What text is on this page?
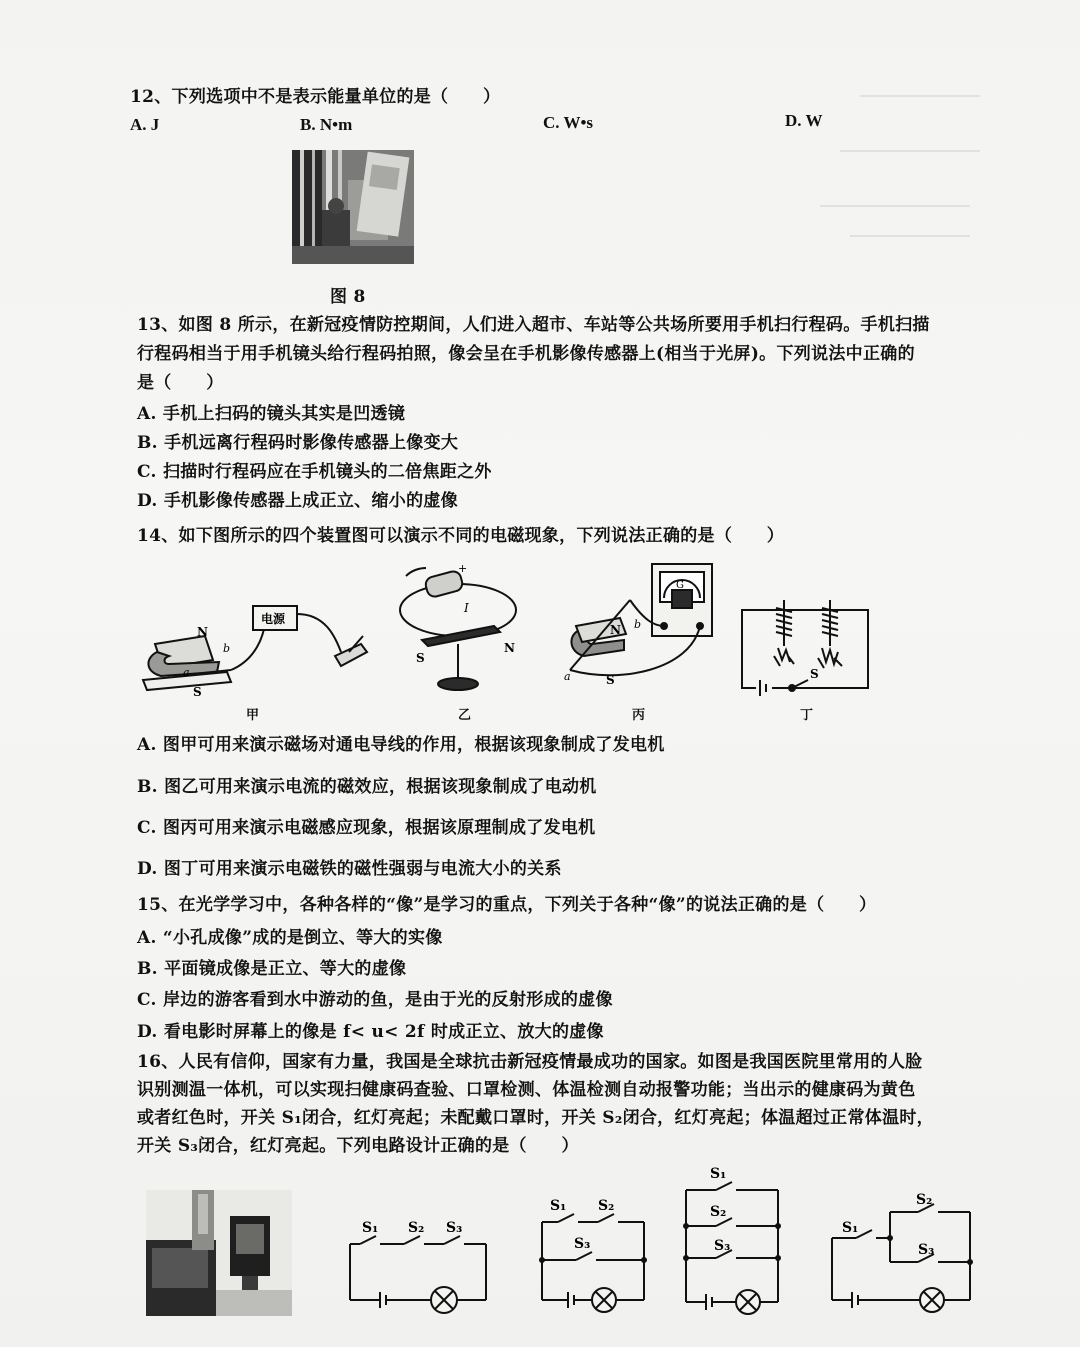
12、下列选项中不是表示能量单位的是（　　）
A. J	B. N•m	C. W•s	D. W
图 8
13、如图 8 所示，在新冠疫情防控期间，人们进入超市、车站等公共场所要用手机扫行程码。手机扫描
行程码相当于用手机镜头给行程码拍照，像会呈在手机影像传感器上(相当于光屏)。下列说法中正确的
是（　　）
A. 手机上扫码的镜头其实是凹透镜
B. 手机远离行程码时影像传感器上像变大
C. 扫描时行程码应在手机镜头的二倍焦距之外
D. 手机影像传感器上成正立、缩小的虚像
14、如下图所示的四个装置图可以演示不同的电磁现象，下列说法正确的是（　　）
电源
N
S
b
a
甲
+
I
S
N
乙
G
N
S
b
a
丙
S
丁
A. 图甲可用来演示磁场对通电导线的作用，根据该现象制成了发电机
B. 图乙可用来演示电流的磁效应，根据该现象制成了电动机
C. 图丙可用来演示电磁感应现象，根据该原理制成了发电机
D. 图丁可用来演示电磁铁的磁性强弱与电流大小的关系
15、在光学学习中，各种各样的“像”是学习的重点，下列关于各种“像”的说法正确的是（　　）
A. “小孔成像”成的是倒立、等大的实像
B. 平面镜成像是正立、等大的虚像
C. 岸边的游客看到水中游动的鱼，是由于光的反射形成的虚像
D. 看电影时屏幕上的像是 f< u< 2f 时成正立、放大的虚像
16、人民有信仰，国家有力量，我国是全球抗击新冠疫情最成功的国家。如图是我国医院里常用的人脸
识别测温一体机，可以实现扫健康码查验、口罩检测、体温检测自动报警功能；当出示的健康码为黄色
或者红色时，开关 S₁闭合，红灯亮起；未配戴口罩时，开关 S₂闭合，红灯亮起；体温超过正常体温时，
开关 S₃闭合，红灯亮起。下列电路设计正确的是（　　）
S₁ S₂ S₃
S₁ S₂
S₃
S₁
S₂
S₃
S₁
S₂
S₃
